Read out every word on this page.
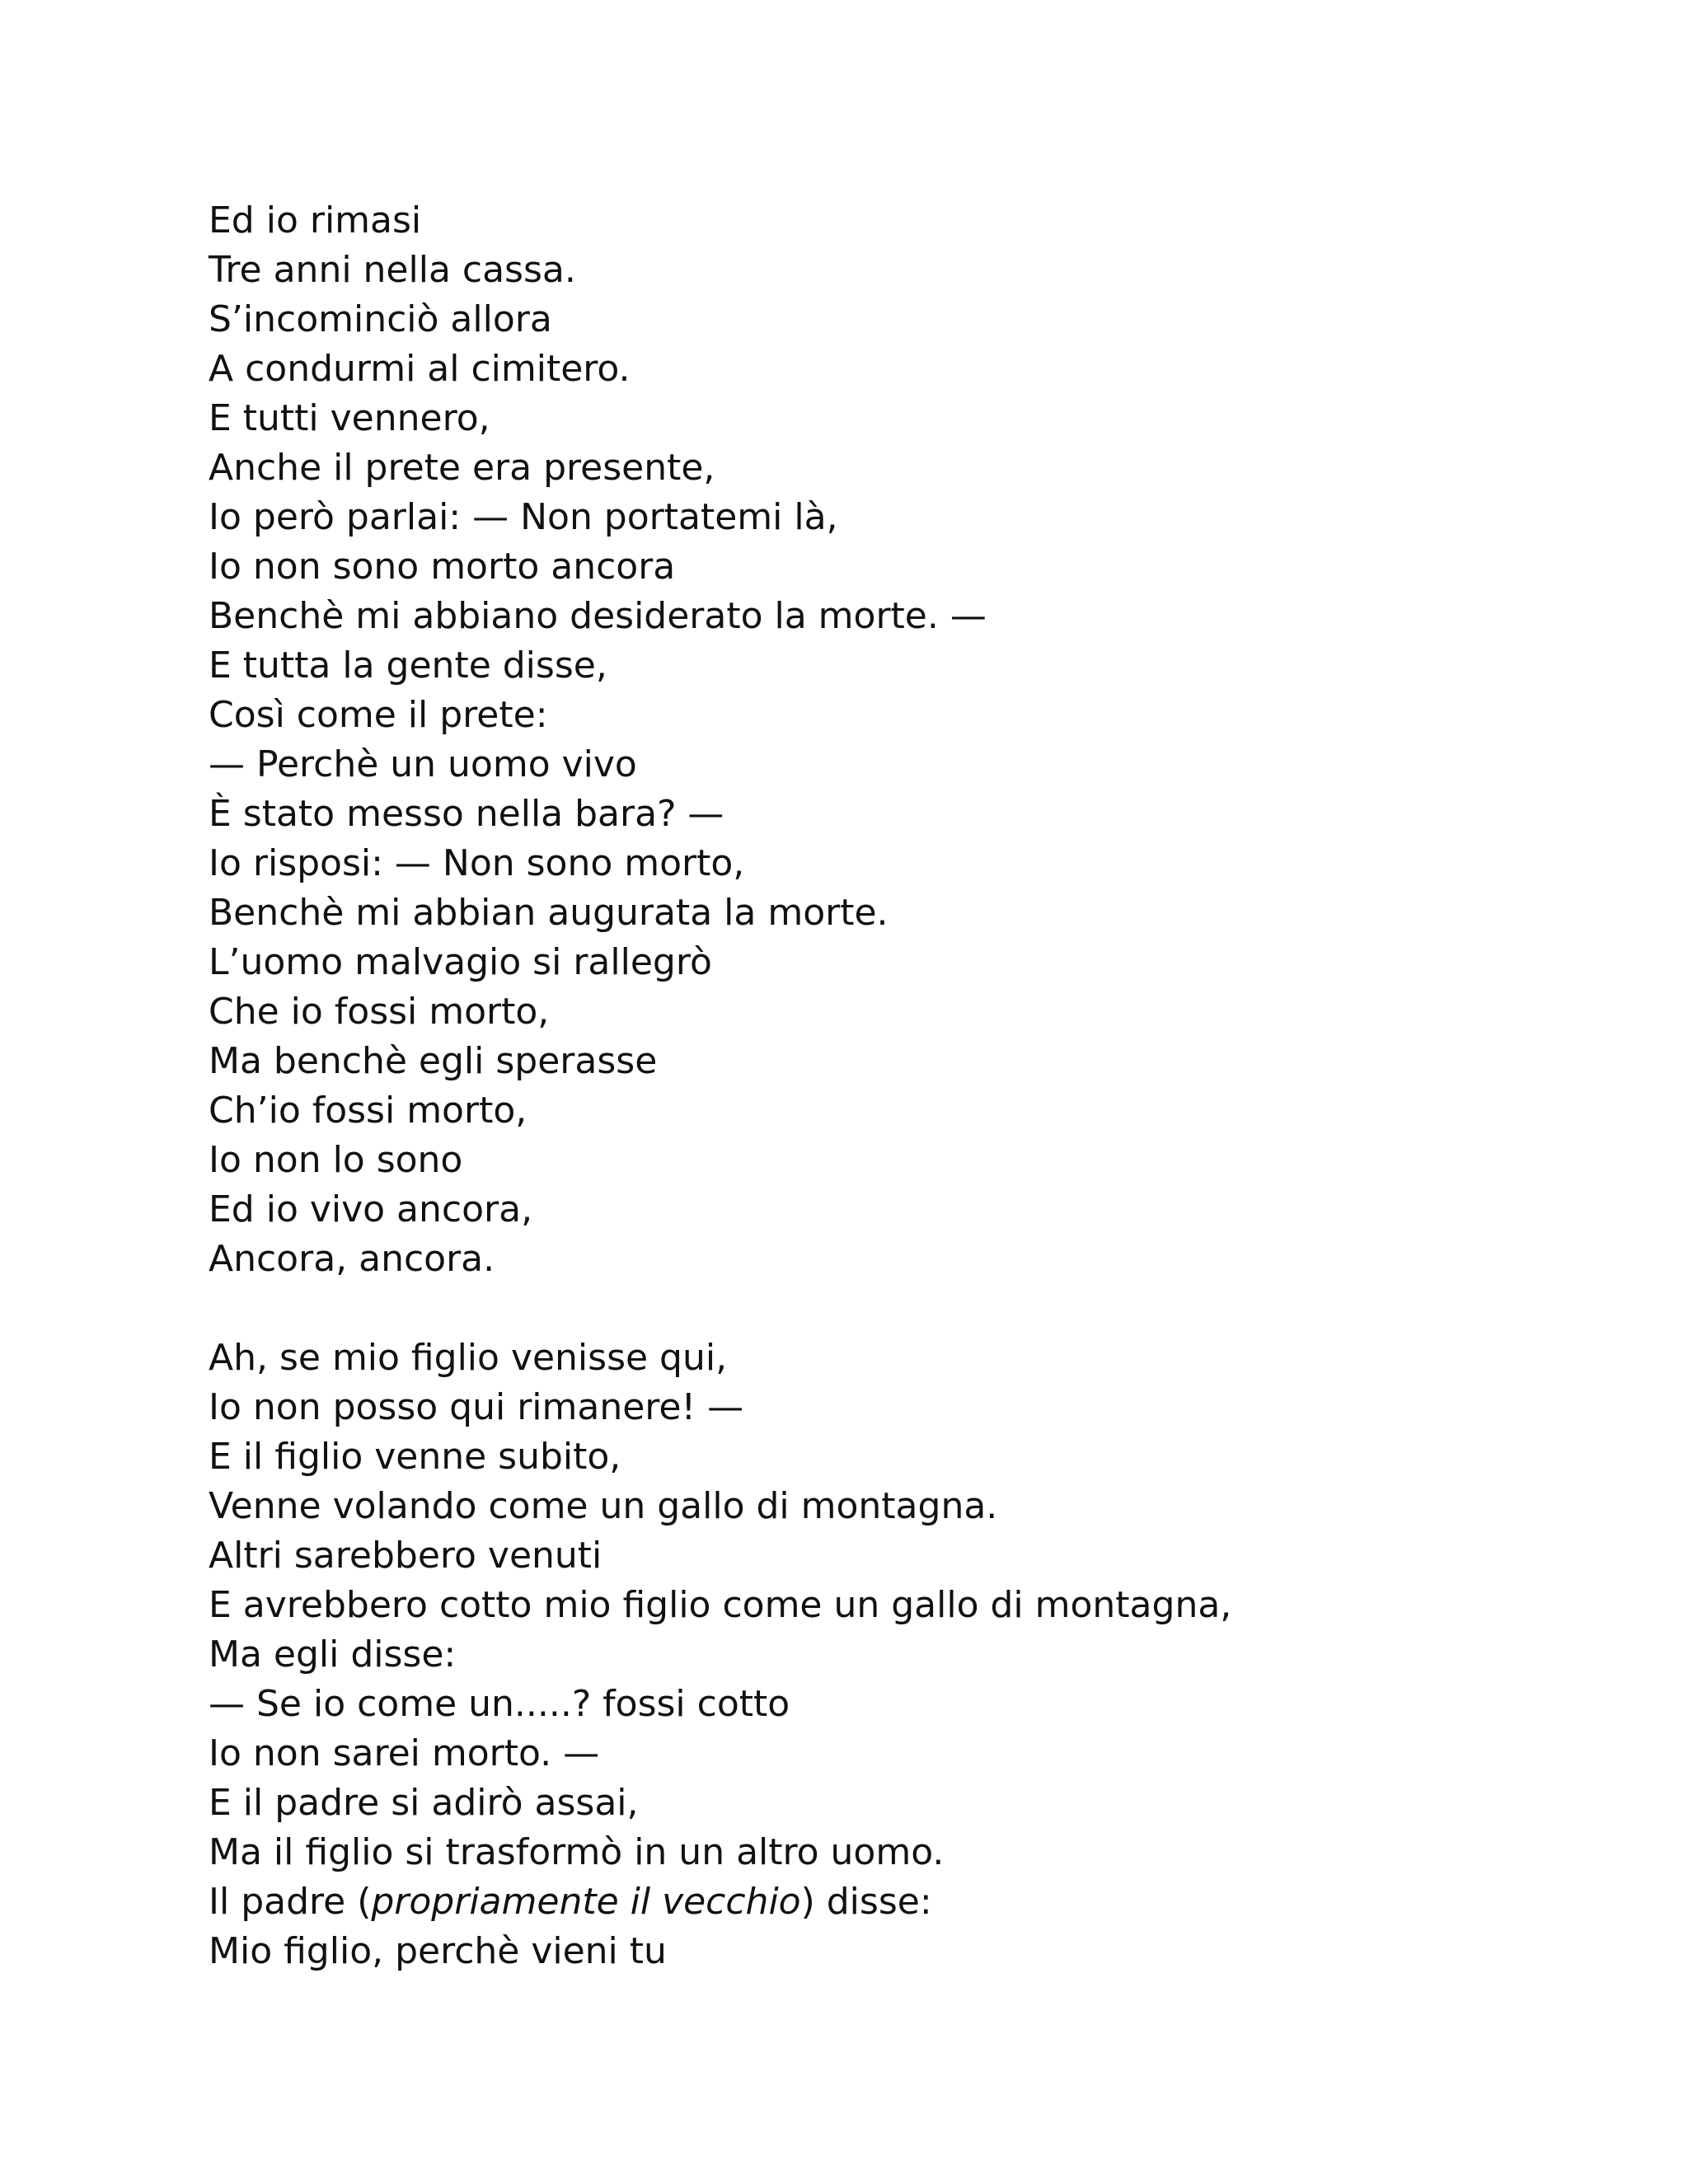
Ed io rimasi
Tre anni nella cassa.
S’incominciò allora
A condurmi al cimitero.
E tutti vennero,
Anche il prete era presente,
Io però parlai: — Non portatemi là,
Io non sono morto ancora
Benchè mi abbiano desiderato la morte. —
E tutta la gente disse,
Così come il prete:
— Perchè un uomo vivo
È stato messo nella bara? —
Io risposi: — Non sono morto,
Benchè mi abbian augurata la morte.
L’uomo malvagio si rallegrò
Che io fossi morto,
Ma benchè egli sperasse
Ch’io fossi morto,
Io non lo sono
Ed io vivo ancora,
Ancora, ancora.
Ah, se mio figlio venisse qui,
Io non posso qui rimanere! —
E il figlio venne subito,
Venne volando come un gallo di montagna.
Altri sarebbero venuti
E avrebbero cotto mio figlio come un gallo di montagna,
Ma egli disse:
— Se io come un.....? fossi cotto
Io non sarei morto. —
E il padre si adirò assai,
Ma il figlio si trasformò in un altro uomo.
Il padre (propriamente il vecchio) disse:
Mio figlio, perchè vieni tu
